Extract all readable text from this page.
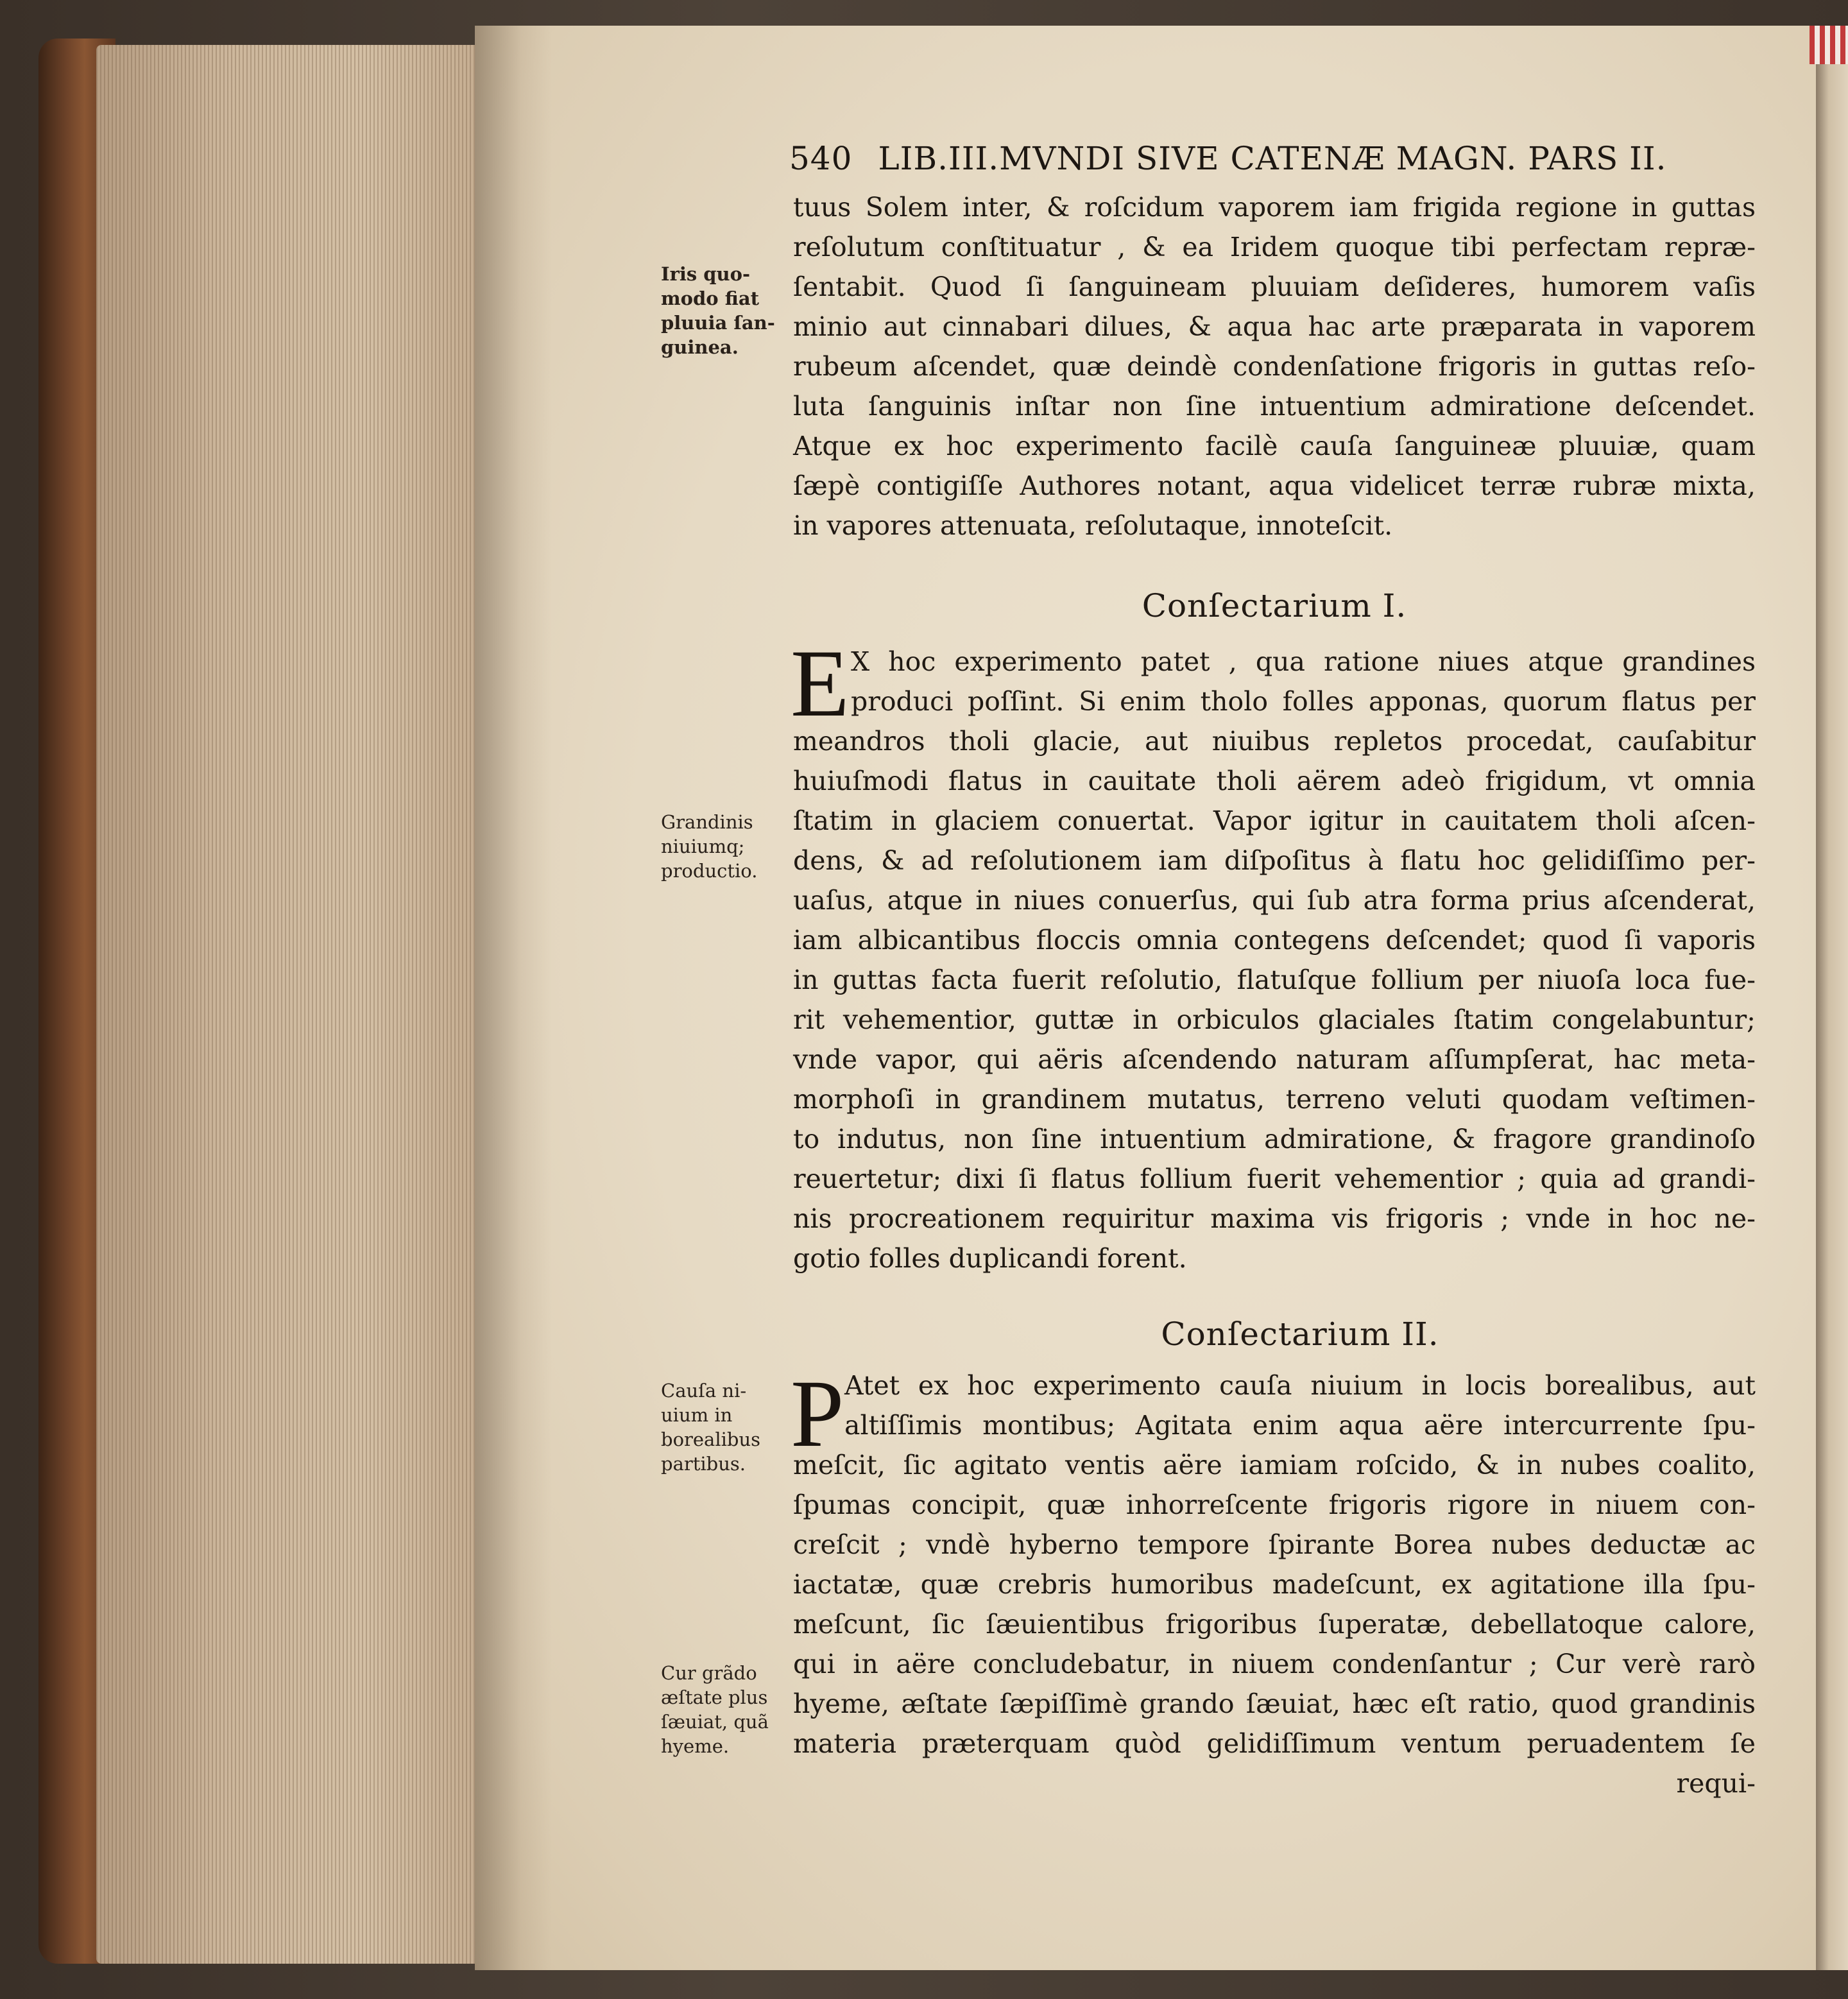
540 LIB.III.MVNDI SIVE CATENÆ MAGN. PARS II.
tuus Solem inter, & roſcidum vaporem iam frigida regione in guttas
reſolutum conſtituatur , & ea Iridem quoque tibi perfectam repræ-
ſentabit. Quod ſi ſanguineam pluuiam deſideres, humorem vaſis
minio aut cinnabari dilues, & aqua hac arte præparata in vaporem
rubeum aſcendet, quæ deindè condenſatione frigoris in guttas reſo-
luta ſanguinis inſtar non ſine intuentium admiratione deſcendet.
Atque ex hoc experimento facilè cauſa ſanguineæ pluuiæ, quam
ſæpè contigiſſe Authores notant, aqua videlicet terræ rubræ mixta,
in vapores attenuata, reſolutaque, innoteſcit.
Conſectarium I.
E X hoc experimento patet , qua ratione niues atque grandines
produci poſſint. Si enim tholo folles apponas, quorum flatus per
meandros tholi glacie, aut niuibus repletos procedat, cauſabitur
huiuſmodi flatus in cauitate tholi aërem adeò frigidum, vt omnia
ſtatim in glaciem conuertat. Vapor igitur in cauitatem tholi aſcen-
dens, & ad reſolutionem iam diſpoſitus à flatu hoc gelidiſſimo per-
uaſus, atque in niues conuerſus, qui ſub atra forma prius aſcenderat,
iam albicantibus floccis omnia contegens deſcendet; quod ſi vaporis
in guttas facta fuerit reſolutio, flatuſque follium per niuoſa loca fue-
rit vehementior, guttæ in orbiculos glaciales ſtatim congelabuntur;
vnde vapor, qui aëris aſcendendo naturam aſſumpſerat, hac meta-
morphoſi in grandinem mutatus, terreno veluti quodam veſtimen-
to indutus, non ſine intuentium admiratione, & fragore grandinoſo
reuertetur; dixi ſi flatus follium fuerit vehementior ; quia ad grandi-
nis procreationem requiritur maxima vis frigoris ; vnde in hoc ne-
gotio folles duplicandi forent.
Conſectarium II.
P Atet ex hoc experimento cauſa niuium in locis borealibus, aut
altiſſimis montibus; Agitata enim aqua aëre intercurrente ſpu-
meſcit, ſic agitato ventis aëre iamiam roſcido, & in nubes coalito,
ſpumas concipit, quæ inhorreſcente frigoris rigore in niuem con-
creſcit ; vndè hyberno tempore ſpirante Borea nubes deductæ ac
iactatæ, quæ crebris humoribus madeſcunt, ex agitatione illa ſpu-
meſcunt, ſic ſæuientibus frigoribus ſuperatæ, debellatoque calore,
qui in aëre concludebatur, in niuem condenſantur ; Cur verè rarò
hyeme, æſtate ſæpiſſimè grando ſæuiat, hæc eſt ratio, quod grandinis
materia præterquam quòd gelidiſſimum ventum peruadentem ſe
requi-
Iris quo-
modo fiat
pluuia ſan-
guinea.
Grandinis
niuiumq;
productio.
Cauſa ni-
uium in
borealibus
partibus.
Cur grãdo
æſtate plus
ſæuiat, quã
hyeme.
